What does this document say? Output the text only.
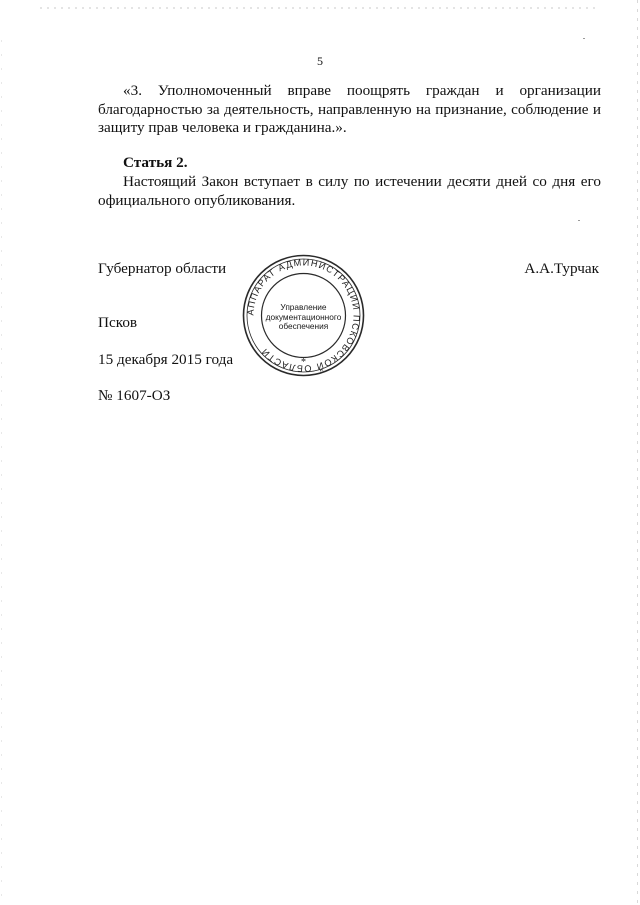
5

«3. Уполномоченный вправе поощрять граждан и организации благодарностью за деятельность, направленную на признание, соблюдение и защиту прав человека и гражданина.».

Статья 2.

Настоящий Закон вступает в силу по истечении десяти дней со дня его официального опубликования.

Губернатор области	А.А.Турчак
АППАРАТ АДМИНИСТРАЦИИ ПСКОВСКОЙ ОБЛАСТИ
Управление
документационного
обеспечения
*
Псков
15 декабря 2015 года
№ 1607-ОЗ
